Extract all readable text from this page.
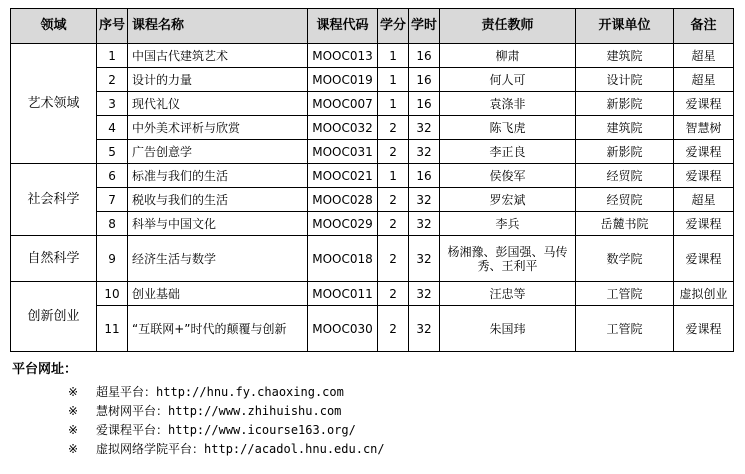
领域	序号	课程名称	课程代码	学分	学时	责任教师	开课单位	备注
艺术领域	1	中国古代建筑艺术	MOOC013	1	16	柳肃	建筑院	超星
	2	设计的力量	MOOC019	1	16	何人可	设计院	超星
	3	现代礼仪	MOOC007	1	16	袁涤非	新影院	爱课程
	4	中外美术评析与欣赏	MOOC032	2	32	陈飞虎	建筑院	智慧树
	5	广告创意学	MOOC031	2	32	李正良	新影院	爱课程
社会科学	6	标准与我们的生活	MOOC021	1	16	侯俊军	经贸院	爱课程
	7	税收与我们的生活	MOOC028	2	32	罗宏斌	经贸院	超星
	8	科举与中国文化	MOOC029	2	32	李兵	岳麓书院	爱课程
自然科学	9	经济生活与数学	MOOC018	2	32	杨湘豫、彭国强、马传秀、王利平	数学院	爱课程
创新创业	10	创业基础	MOOC011	2	32	汪忠等	工管院	虚拟创业
	11	“互联网+”时代的颠覆与创新	MOOC030	2	32	朱国玮	工管院	爱课程
平台网址：
※ 超星平台：http://hnu.fy.chaoxing.com
※ 慧树网平台：http://www.zhihuishu.com
※ 爱课程平台：http://www.icourse163.org/
※ 虚拟网络学院平台：http://acadol.hnu.edu.cn/
